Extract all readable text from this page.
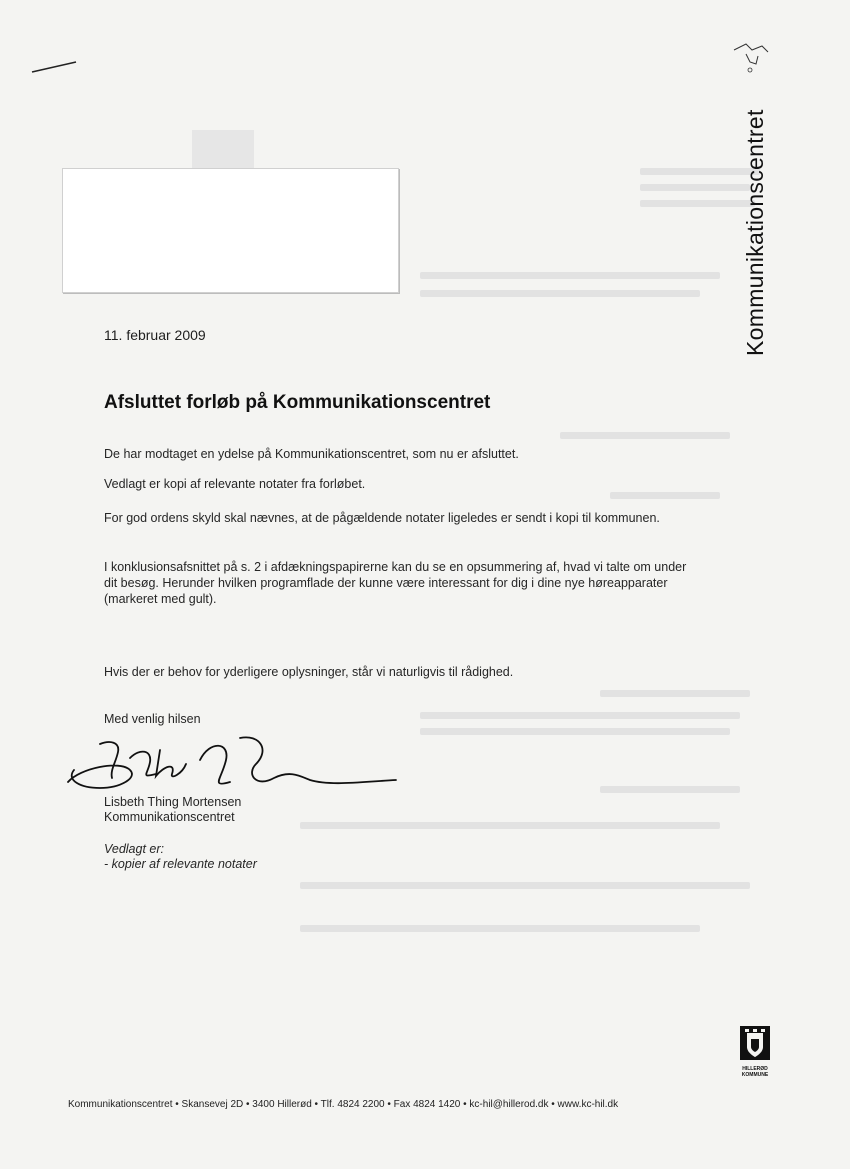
Kommunikationscentret
11. februar 2009
Afsluttet forløb på Kommunikationscentret
De har modtaget en ydelse på Kommunikationscentret, som nu er afsluttet.
Vedlagt er kopi af relevante notater fra forløbet.
For god ordens skyld skal nævnes, at de pågældende notater ligeledes er sendt i kopi til kommunen.
I konklusionsafsnittet på s. 2 i afdækningspapirerne kan du se en opsummering af, hvad vi talte om under dit besøg. Herunder hvilken programflade der kunne være interessant for dig i dine nye høreapparater (markeret med gult).
Hvis der er behov for yderligere oplysninger, står vi naturligvis til rådighed.
Med venlig hilsen
Lisbeth Thing Mortensen
Kommunikationscentret
Vedlagt er:
- kopier af relevante notater
HILLERØD
KOMMUNE
Kommunikationscentret • Skansevej 2D • 3400 Hillerød • Tlf. 4824 2200 • Fax 4824 1420 • kc-hil@hillerod.dk • www.kc-hil.dk
